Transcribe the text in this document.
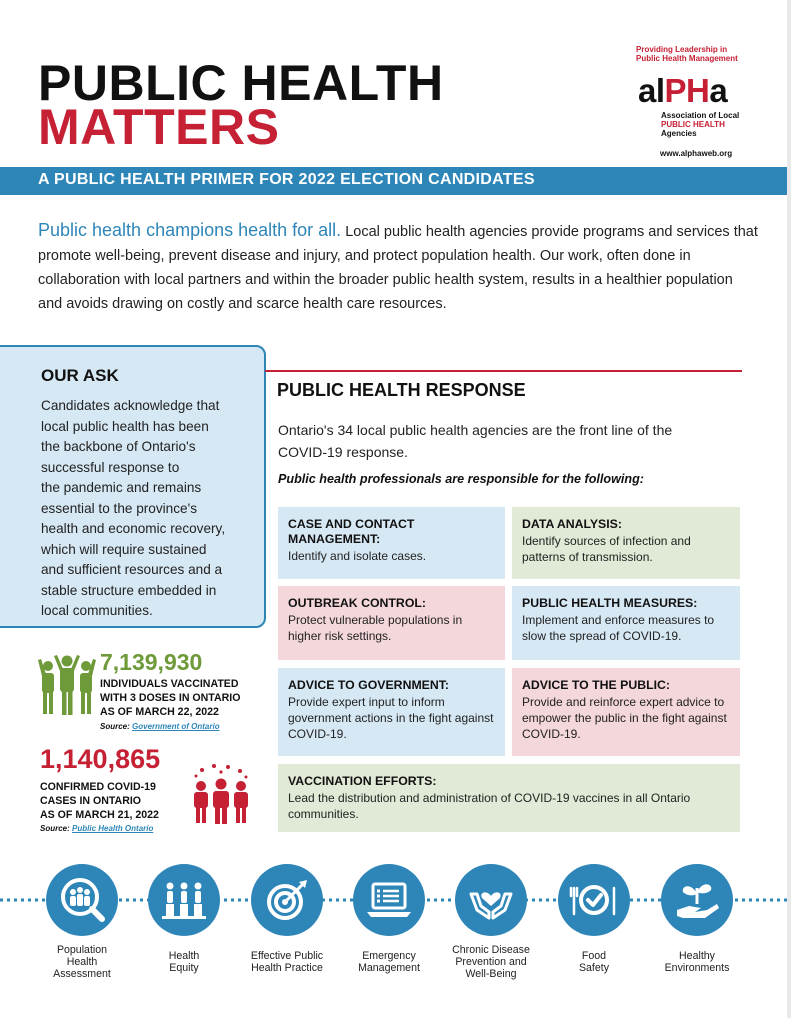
PUBLIC HEALTH
MATTERS
Providing Leadership in
Public Health Management
alPHa
Association of Local
PUBLIC HEALTH
Agencies
www.alphaweb.org
A PUBLIC HEALTH PRIMER FOR 2022 ELECTION CANDIDATES

Public health champions health for all. Local public health agencies provide programs and services that promote well-being, prevent disease and injury, and protect population health. Our work, often done in collaboration with local partners and within the broader public health system, results in a healthier population and avoids drawing on costly and scarce health care resources.

OUR ASK
Candidates acknowledge that
local public health has been
the backbone of Ontario's
successful response to
the pandemic and remains
essential to the province's
health and economic recovery,
which will require sustained
and sufficient resources and a
stable structure embedded in
local communities.
7,139,930
INDIVIDUALS VACCINATED
WITH 3 DOSES IN ONTARIO
AS OF MARCH 22, 2022
Source: Government of Ontario
1,140,865
CONFIRMED COVID-19
CASES IN ONTARIO
AS OF MARCH 21, 2022
Source: Public Health Ontario
PUBLIC HEALTH RESPONSE
Ontario's 34 local public health agencies are the front line of the
COVID-19 response.
Public health professionals are responsible for the following:
CASE AND CONTACT MANAGEMENT:
Identify and isolate cases.
DATA ANALYSIS:
Identify sources of infection and patterns of transmission.
OUTBREAK CONTROL:
Protect vulnerable populations in higher risk settings.
PUBLIC HEALTH MEASURES:
Implement and enforce measures to slow the spread of COVID-19.
ADVICE TO GOVERNMENT:
Provide expert input to inform government actions in the fight against COVID-19.
ADVICE TO THE PUBLIC:
Provide and reinforce expert advice to empower the public in the fight against COVID-19.
VACCINATION EFFORTS:
Lead the distribution and administration of COVID-19 vaccines in all Ontario communities.
Population
Health
Assessment
Health
Equity
Effective Public
Health Practice
Emergency
Management
Chronic Disease
Prevention and
Well-Being
Food
Safety
Healthy
Environments
